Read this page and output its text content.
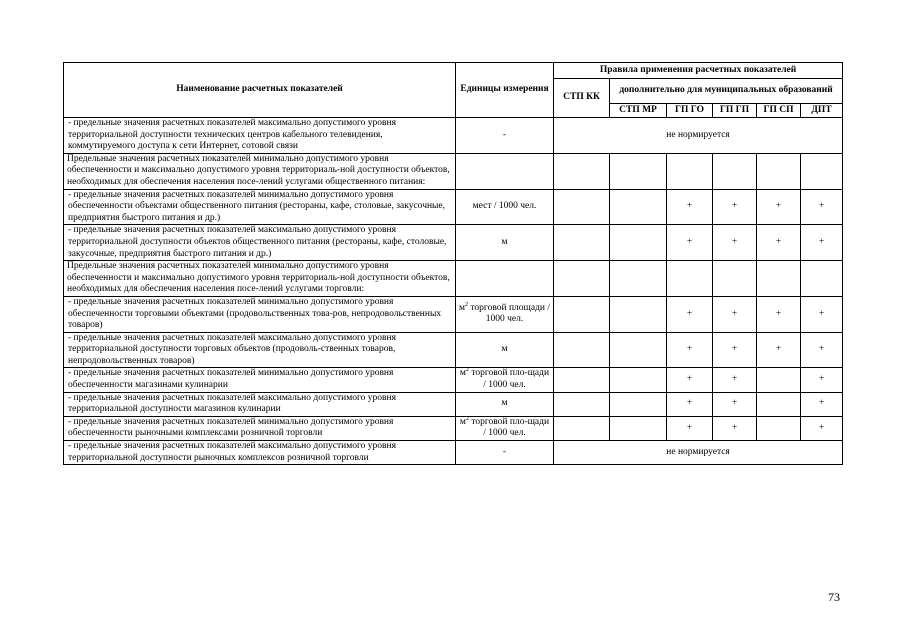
Наименование расчетных показателей	Единицы измерения	Правила применения расчетных показателей					
		СТП КК	дополнительно для муниципальных образований				
			СТП МР	ГП ГО	ГП ГП	ГП СП	ДПТ
- предельные значения расчетных показателей максимально допустимого уровня территориальной доступности технических центров кабельного телевидения, коммутируемого доступа к сети Интернет, сотовой связи	-	не нормируется					
Предельные значения расчетных показателей минимально допустимого уровня обеспеченности и максимально допустимого уровня территориаль-ной доступности объектов, необходимых для обеспечения населения посе-лений услугами общественного питания:							
- предельные значения расчетных показателей минимально допустимого уровня обеспеченности объектами общественного питания (рестораны, кафе, столовые, закусочные, предприятия быстрого питания и др.)	мест / 1000 чел.			+	+	+	+
- предельные значения расчетных показателей максимально допустимого уровня территориальной доступности объектов общественного питания (рестораны, кафе, столовые, закусочные, предприятия быстрого питания и др.)	м			+	+	+	+
Предельные значения расчетных показателей минимально допустимого уровня обеспеченности и максимально допустимого уровня территориаль-ной доступности объектов, необходимых для обеспечения населения посе-лений услугами торговли:							
- предельные значения расчетных показателей минимально допустимого уровня обеспеченности торговыми объектами (продовольственных това-ров, непродовольственных товаров)	$м^2$ торговой площади / 1000 чел.			+	+	+	+
- предельные значения расчетных показателей максимально допустимого уровня территориальной доступности торговых объектов (продоволь-ственных товаров, непродовольственных товаров)	м			+	+	+	+
- предельные значения расчетных показателей минимально допустимого уровня обеспеченности магазинами кулинарии	$м^2$ торговой пло-щади / 1000 чел.			+	+		+
- предельные значения расчетных показателей максимально допустимого уровня территориальной доступности магазинов кулинарии	м			+	+		+
- предельные значения расчетных показателей минимально допустимого уровня обеспеченности рыночными комплексами розничной торговли	$м^2$ торговой пло-щади / 1000 чел.			+	+		+
- предельные значения расчетных показателей максимально допустимого уровня территориальной доступности рыночных комплексов розничной торговли	-	не нормируется					
73
